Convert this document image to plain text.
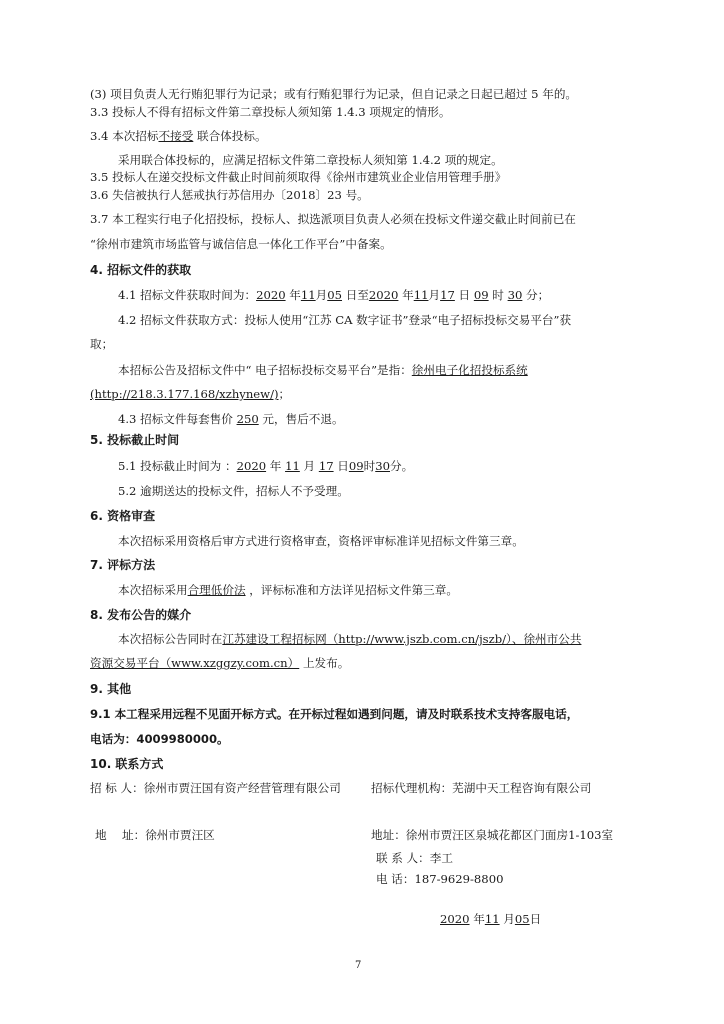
(3) 项目负责人无行贿犯罪行为记录；或有行贿犯罪行为记录，但自记录之日起已超过 5 年的。
3.3 投标人不得有招标文件第二章投标人须知第 1.4.3 项规定的情形。
3.4 本次招标不接受 联合体投标。
采用联合体投标的，应满足招标文件第二章投标人须知第 1.4.2 项的规定。
3.5 投标人在递交投标文件截止时间前须取得《徐州市建筑业企业信用管理手册》
3.6 失信被执行人惩戒执行苏信用办〔2018〕23 号。
3.7 本工程实行电子化招投标，投标人、拟选派项目负责人必须在投标文件递交截止时间前已在
“徐州市建筑市场监管与诚信信息一体化工作平台”中备案。
4. 招标文件的获取
4.1 招标文件获取时间为：2020 年11月05 日至2020 年11月17 日 09 时 30 分；
4.2 招标文件获取方式：投标人使用“江苏 CA 数字证书”登录“电子招标投标交易平台”获
取；
本招标公告及招标文件中“ 电子招标投标交易平台”是指：徐州电子化招投标系统
(http://218.3.177.168/xzhynew/)；
4.3 招标文件每套售价 250 元，售后不退。
5. 投标截止时间
5.1 投标截止时间为 ：2020 年 11 月 17 日09时30分。
5.2 逾期送达的投标文件，招标人不予受理。
6. 资格审查
本次招标采用资格后审方式进行资格审查，资格评审标准详见招标文件第三章。
7. 评标方法
本次招标采用合理低价法 ，评标标准和方法详见招标文件第三章。
8. 发布公告的媒介
本次招标公告同时在江苏建设工程招标网（http://www.jszb.com.cn/jszb/）、徐州市公共
资源交易平台（www.xzggzy.com.cn） 上发布。
9. 其他
9.1 本工程采用远程不见面开标方式。在开标过程如遇到问题，请及时联系技术支持客服电话，
电话为：4009980000。
10. 联系方式
招 标 人：徐州市贾汪国有资产经营管理有限公司	招标代理机构：芜湖中天工程咨询有限公司
地 址：徐州市贾汪区	地址：徐州市贾汪区泉城花都区门面房1-103室
联 系 人：李工
电 话：187-9629-8800
2020 年11 月05日
7
